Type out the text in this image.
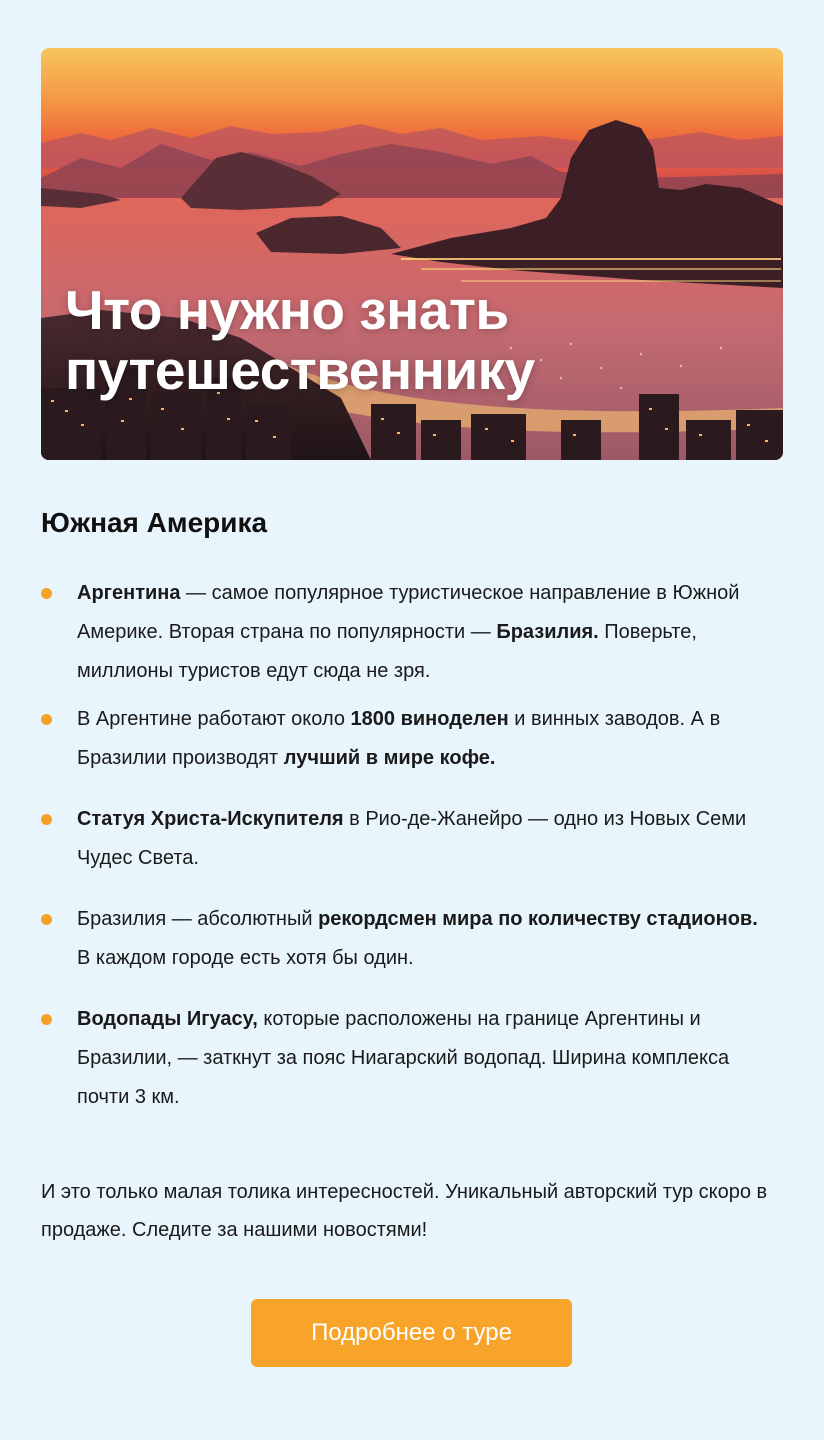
Что нужно знать
путешественнику
Южная Америка
Аргентина — самое популярное туристическое направление в Южной Америке. Вторая страна по популярности — Бразилия. Поверьте, миллионы туристов едут сюда не зря.
В Аргентине работают около 1800 виноделен и винных заводов. А в Бразилии производят лучший в мире кофе.
Статуя Христа-Искупителя в Рио-де-Жанейро — одно из Новых Семи Чудес Света.
Бразилия — абсолютный рекордсмен мира по количеству стадионов. В каждом городе есть хотя бы один.
Водопады Игуасу, которые расположены на границе Аргентины и Бразилии, — заткнут за пояс Ниагарский водопад. Ширина комплекса почти 3 км.

И это только малая толика интересностей. Уникальный авторский тур скоро в продаже. Следите за нашими новостями!

Подробнее о туре
